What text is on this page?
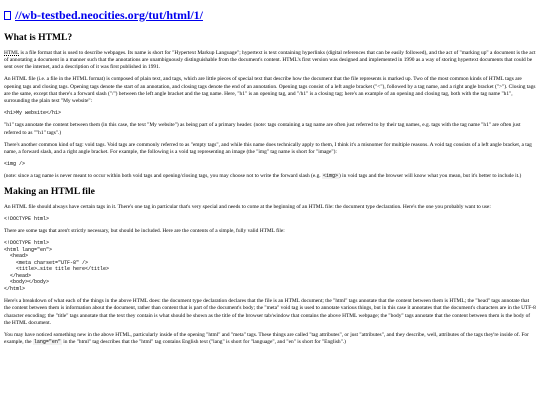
//wb-testbed.neocities.org/tut/html/1/
What is HTML?

HTML is a file format that is used to describe webpages. Its name is short for "Hypertext Markup Language"; hypertext is text containing hyperlinks (digital references that can be easily followed), and the act of "marking up" a document is the act of annotating a document in a manner such that the annotations are unambiguously distinguishable from the document's content. HTML's first version was designed and implemented in 1990 as a way of storing hypertext documents that could be sent over the internet, and a description of it was first published in 1991.

An HTML file (i.e. a file in the HTML format) is composed of plain text, and tags, which are little pieces of special text that describe how the document that the file represents is marked up. Two of the most common kinds of HTML tags are opening tags and closing tags. Opening tags denote the start of an annotation, and closing tags denote the end of an annotation. Opening tags consist of a left angle bracket ("<"), followed by a tag name, and a right angle bracket (">"). Closing tags are the same, except that there's a forward slash ("/") between the left angle bracket and the tag name. Here, "h1" is an opening tag, and "/h1" is a closing tag; here's an example of an opening and closing tag, both with the tag name "h1", surrounding the plain text "My website":

<h1>My website</h1>

"h1" tags annotate the content between them (in this case, the text "My website") as being part of a primary header. (note: tags containing a tag name are often just referred to by their tag names, e.g. tags with the tag name "h1" are often just referred to as ""h1" tags".)

There's another common kind of tag: void tags. Void tags are commonly referred to as "empty tags", and while this name does technically apply to them, I think it's a misnomer for multiple reasons. A void tag consists of a left angle bracket, a tag name, a forward slash, and a right angle bracket. For example, the following is a void tag representing an image (the "img" tag name is short for "image"):

<img />

(note: since a tag name is never meant to occur within both void tags and opening/closing tags, you may choose not to write the forward slash (e.g. <img>) in void tags and the browser will know what you mean, but it's better to include it.)

Making an HTML file

An HTML file should always have certain tags in it. There's one tag in particular that's very special and needs to come at the beginning of an HTML file: the document type declaration. Here's the one you probably want to use:

<!DOCTYPE html>

There are some tags that aren't strictly necessary, but should be included. Here are the contents of a simple, fully valid HTML file:

<!DOCTYPE html>
<html lang="en">
<head>
<meta charset="UTF-8" />
<title>…site title here</title>
</head>
<body></body>
</html>

Here's a breakdown of what each of the things in the above HTML does: the document type declaration declares that the file is an HTML document; the "html" tags annotate that the content between them is HTML; the "head" tags annotate that the content between them is information about the document, rather than content that is part of the document's body; the "meta" void tag is used to annotate various things, but in this case it annotates that the document's characters are in the UTF-8 character encoding; the "title" tags annotate that the text they contain is what should be shown as the title of the browser tab/window that contains the above HTML webpage; the "body" tags annotate that the content between them is the body of the HTML document.

You may have noticed something new in the above HTML, particularly inside of the opening "html" and "meta" tags. These things are called "tag attributes", or just "attributes", and they describe, well, attributes of the tags they're inside of. For example, the lang="en" in the "html" tag describes that the "html" tag contains English text ("lang" is short for "language", and "en" is short for "English".)
